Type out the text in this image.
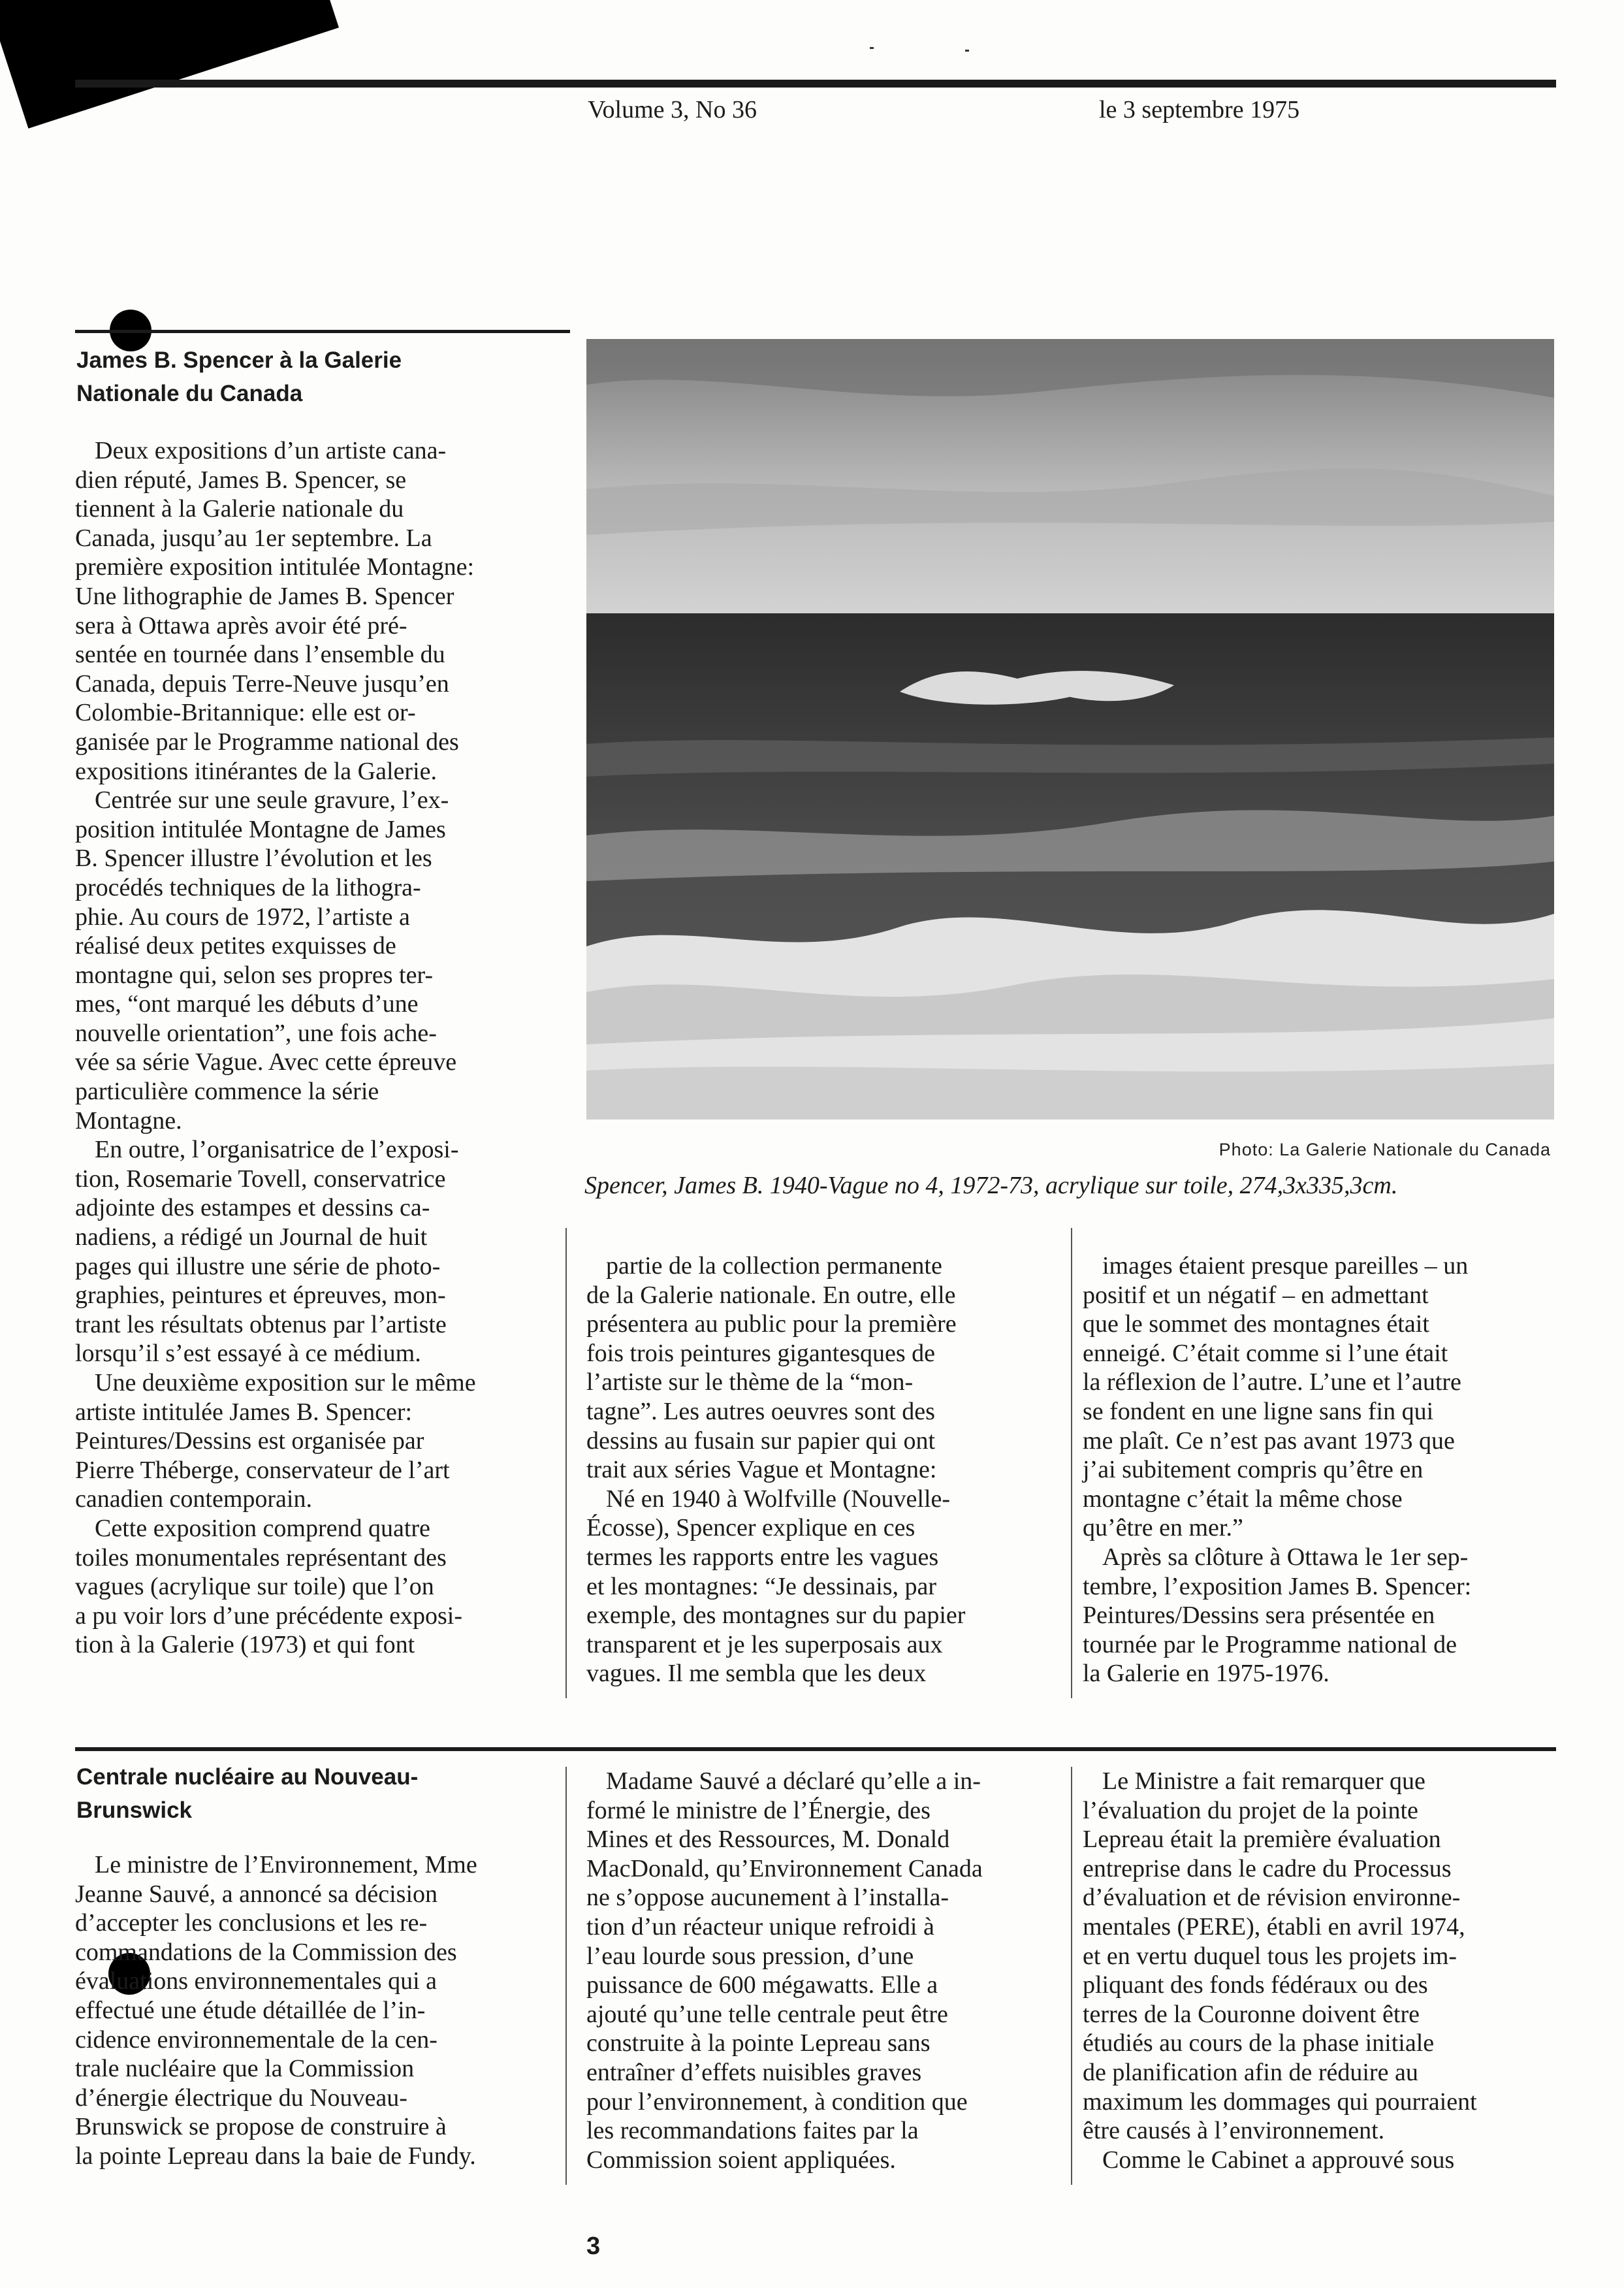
Volume 3, No 36	le 3 septembre 1975
James B. Spencer à la Galerie
Nationale du Canada

Deux expositions d’un artiste cana-

dien réputé, James B. Spencer, se

tiennent à la Galerie nationale du

Canada, jusqu’au 1er septembre. La

première exposition intitulée Montagne:

Une lithographie de James B. Spencer

sera à Ottawa après avoir été pré-

sentée en tournée dans l’ensemble du

Canada, depuis Terre-Neuve jusqu’en

Colombie-Britannique: elle est or-

ganisée par le Programme national des

expositions itinérantes de la Galerie.

Centrée sur une seule gravure, l’ex-

position intitulée Montagne de James

B. Spencer illustre l’évolution et les

procédés techniques de la lithogra-

phie. Au cours de 1972, l’artiste a

réalisé deux petites exquisses de

montagne qui, selon ses propres ter-

mes, “ont marqué les débuts d’une

nouvelle orientation”, une fois ache-

vée sa série Vague. Avec cette épreuve

particulière commence la série

Montagne.

En outre, l’organisatrice de l’exposi-

tion, Rosemarie Tovell, conservatrice

adjointe des estampes et dessins ca-

nadiens, a rédigé un Journal de huit

pages qui illustre une série de photo-

graphies, peintures et épreuves, mon-

trant les résultats obtenus par l’artiste

lorsqu’il s’est essayé à ce médium.

Une deuxième exposition sur le même

artiste intitulée James B. Spencer:

Peintures/Dessins est organisée par

Pierre Théberge, conservateur de l’art

canadien contemporain.

Cette exposition comprend quatre

toiles monumentales représentant des

vagues (acrylique sur toile) que l’on

a pu voir lors d’une précédente exposi-

tion à la Galerie (1973) et qui font

Photo: La Galerie Nationale du Canada
Spencer, James B. 1940-Vague no 4, 1972-73, acrylique sur toile, 274,3x335,3cm.

partie de la collection permanente

de la Galerie nationale. En outre, elle

présentera au public pour la première

fois trois peintures gigantesques de

l’artiste sur le thème de la “mon-

tagne”. Les autres oeuvres sont des

dessins au fusain sur papier qui ont

trait aux séries Vague et Montagne:

Né en 1940 à Wolfville (Nouvelle-

Écosse), Spencer explique en ces

termes les rapports entre les vagues

et les montagnes: “Je dessinais, par

exemple, des montagnes sur du papier

transparent et je les superposais aux

vagues. Il me sembla que les deux

images étaient presque pareilles – un

positif et un négatif – en admettant

que le sommet des montagnes était

enneigé. C’était comme si l’une était

la réflexion de l’autre. L’une et l’autre

se fondent en une ligne sans fin qui

me plaît. Ce n’est pas avant 1973 que

j’ai subitement compris qu’être en

montagne c’était la même chose

qu’être en mer.”

Après sa clôture à Ottawa le 1er sep-

tembre, l’exposition James B. Spencer:

Peintures/Dessins sera présentée en

tournée par le Programme national de

la Galerie en 1975-1976.

Centrale nucléaire au Nouveau-
Brunswick

Le ministre de l’Environnement, Mme

Jeanne Sauvé, a annoncé sa décision

d’accepter les conclusions et les re-

commandations de la Commission des

évaluations environnementales qui a

effectué une étude détaillée de l’in-

cidence environnementale de la cen-

trale nucléaire que la Commission

d’énergie électrique du Nouveau-

Brunswick se propose de construire à

la pointe Lepreau dans la baie de Fundy.

Madame Sauvé a déclaré qu’elle a in-

formé le ministre de l’Énergie, des

Mines et des Ressources, M. Donald

MacDonald, qu’Environnement Canada

ne s’oppose aucunement à l’installa-

tion d’un réacteur unique refroidi à

l’eau lourde sous pression, d’une

puissance de 600 mégawatts. Elle a

ajouté qu’une telle centrale peut être

construite à la pointe Lepreau sans

entraîner d’effets nuisibles graves

pour l’environnement, à condition que

les recommandations faites par la

Commission soient appliquées.

Le Ministre a fait remarquer que

l’évaluation du projet de la pointe

Lepreau était la première évaluation

entreprise dans le cadre du Processus

d’évaluation et de révision environne-

mentales (PERE), établi en avril 1974,

et en vertu duquel tous les projets im-

pliquant des fonds fédéraux ou des

terres de la Couronne doivent être

étudiés au cours de la phase initiale

de planification afin de réduire au

maximum les dommages qui pourraient

être causés à l’environnement.

Comme le Cabinet a approuvé sous

3
